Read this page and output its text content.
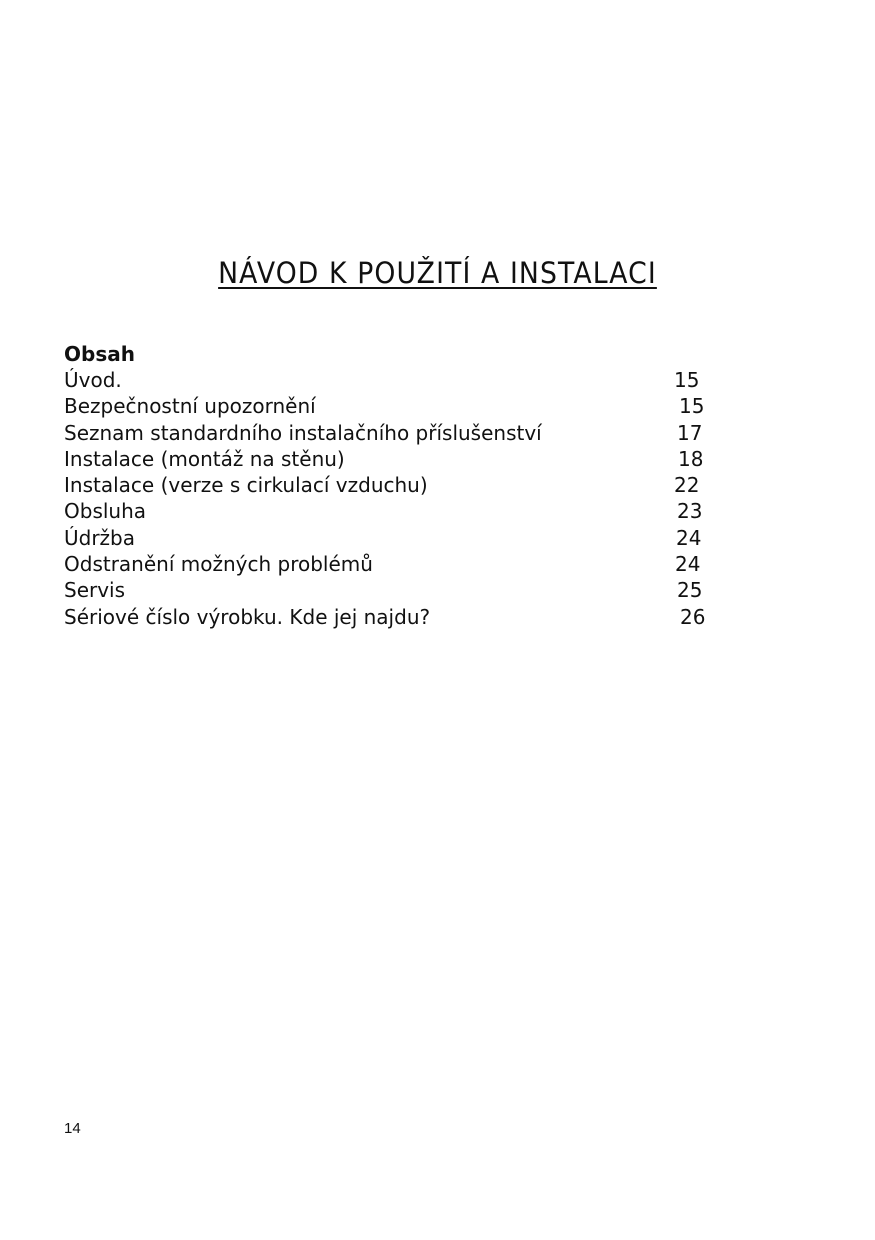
NÁVOD K POUŽITÍ A INSTALACI
Obsah
Úvod.	15
Bezpečnostní upozornění	15
Seznam standardního instalačního příslušenství	17
Instalace (montáž na stěnu)	18
Instalace (verze s cirkulací vzduchu)	22
Obsluha	23
Údržba	24
Odstranění možných problémů	24
Servis	25
Sériové číslo výrobku. Kde jej najdu?	26
14
